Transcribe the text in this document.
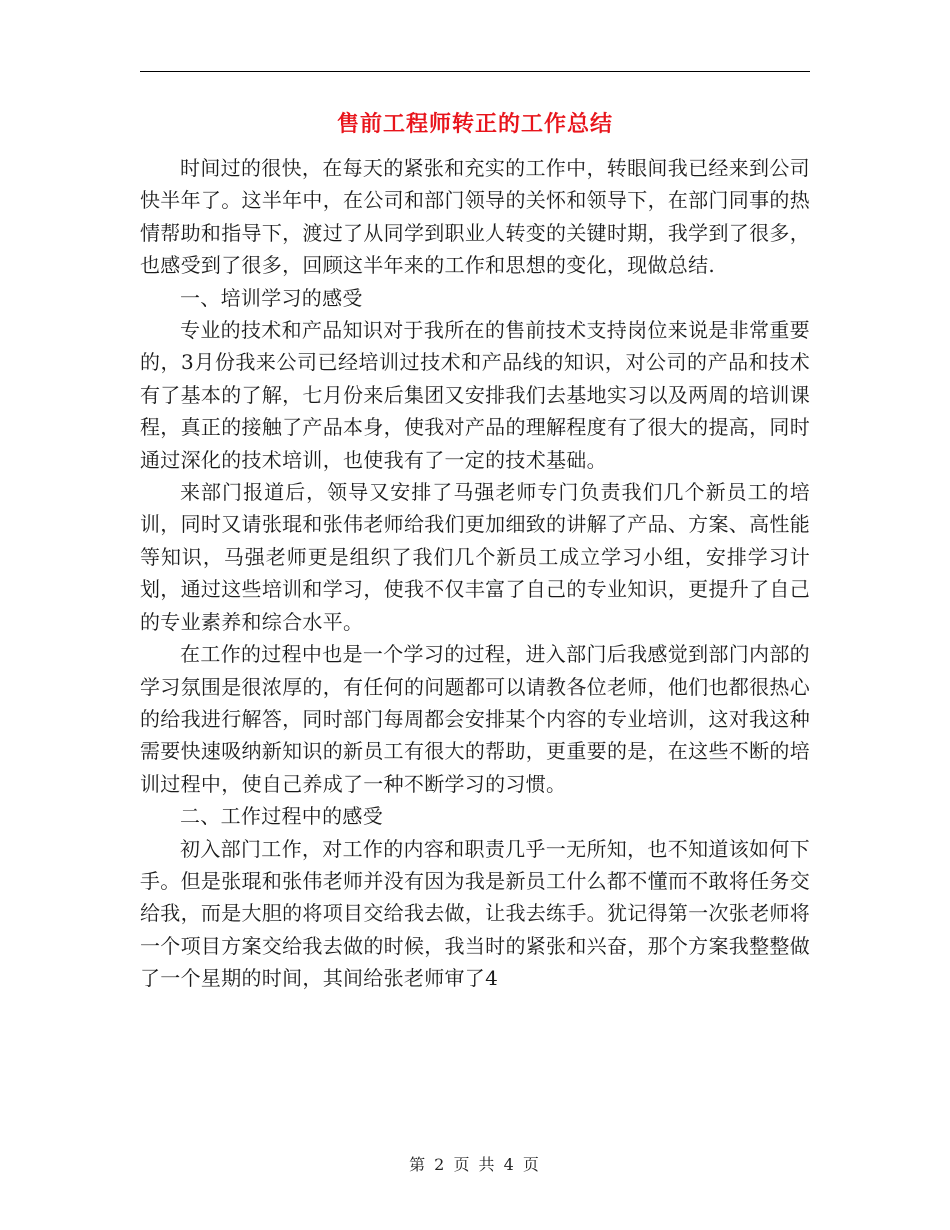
售前工程师转正的工作总结

时间过的很快，在每天的紧张和充实的工作中，转眼间我已经来到公司快半年了。这半年中，在公司和部门领导的关怀和领导下，在部门同事的热情帮助和指导下，渡过了从同学到职业人转变的关键时期，我学到了很多，也感受到了很多，回顾这半年来的工作和思想的变化，现做总结.

一、培训学习的感受

专业的技术和产品知识对于我所在的售前技术支持岗位来说是非常重要的，3月份我来公司已经培训过技术和产品线的知识，对公司的产品和技术有了基本的了解，七月份来后集团又安排我们去基地实习以及两周的培训课程，真正的接触了产品本身，使我对产品的理解程度有了很大的提高，同时通过深化的技术培训，也使我有了一定的技术基础。

来部门报道后，领导又安排了马强老师专门负责我们几个新员工的培训，同时又请张琨和张伟老师给我们更加细致的讲解了产品、方案、高性能等知识，马强老师更是组织了我们几个新员工成立学习小组，安排学习计划，通过这些培训和学习，使我不仅丰富了自己的专业知识，更提升了自己的专业素养和综合水平。

在工作的过程中也是一个学习的过程，进入部门后我感觉到部门内部的学习氛围是很浓厚的，有任何的问题都可以请教各位老师，他们也都很热心的给我进行解答，同时部门每周都会安排某个内容的专业培训，这对我这种需要快速吸纳新知识的新员工有很大的帮助，更重要的是，在这些不断的培训过程中，使自己养成了一种不断学习的习惯。

二、工作过程中的感受

初入部门工作，对工作的内容和职责几乎一无所知，也不知道该如何下手。但是张琨和张伟老师并没有因为我是新员工什么都不懂而不敢将任务交给我，而是大胆的将项目交给我去做，让我去练手。犹记得第一次张老师将一个项目方案交给我去做的时候，我当时的紧张和兴奋，那个方案我整整做了一个星期的时间，其间给张老师审了4

第 2 页 共 4 页
